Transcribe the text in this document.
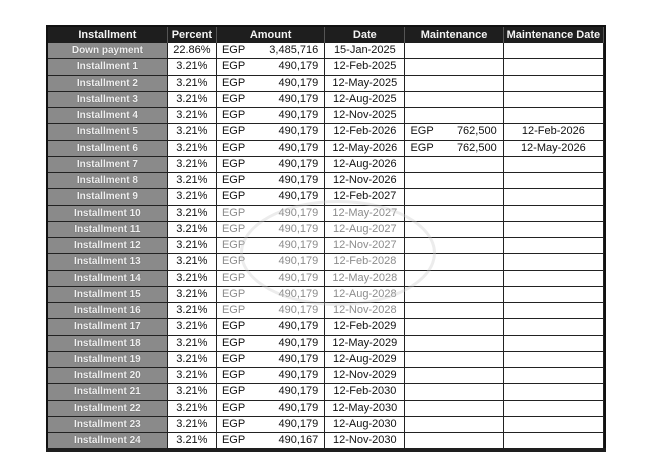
Installment	Percent	Amount		Date	Maintenance		Maintenance Date
Down payment	22.86%	EGP	3,485,716	15-Jan-2025			
Installment 1	3.21%	EGP	490,179	12-Feb-2025			
Installment 2	3.21%	EGP	490,179	12-May-2025			
Installment 3	3.21%	EGP	490,179	12-Aug-2025			
Installment 4	3.21%	EGP	490,179	12-Nov-2025			
Installment 5	3.21%	EGP	490,179	12-Feb-2026	EGP	762,500	12-Feb-2026
Installment 6	3.21%	EGP	490,179	12-May-2026	EGP	762,500	12-May-2026
Installment 7	3.21%	EGP	490,179	12-Aug-2026			
Installment 8	3.21%	EGP	490,179	12-Nov-2026			
Installment 9	3.21%	EGP	490,179	12-Feb-2027			
Installment 10	3.21%	EGP	490,179	12-May-2027			
Installment 11	3.21%	EGP	490,179	12-Aug-2027			
Installment 12	3.21%	EGP	490,179	12-Nov-2027			
Installment 13	3.21%	EGP	490,179	12-Feb-2028			
Installment 14	3.21%	EGP	490,179	12-May-2028			
Installment 15	3.21%	EGP	490,179	12-Aug-2028			
Installment 16	3.21%	EGP	490,179	12-Nov-2028			
Installment 17	3.21%	EGP	490,179	12-Feb-2029			
Installment 18	3.21%	EGP	490,179	12-May-2029			
Installment 19	3.21%	EGP	490,179	12-Aug-2029			
Installment 20	3.21%	EGP	490,179	12-Nov-2029			
Installment 21	3.21%	EGP	490,179	12-Feb-2030			
Installment 22	3.21%	EGP	490,179	12-May-2030			
Installment 23	3.21%	EGP	490,179	12-Aug-2030			
Installment 24	3.21%	EGP	490,167	12-Nov-2030			
